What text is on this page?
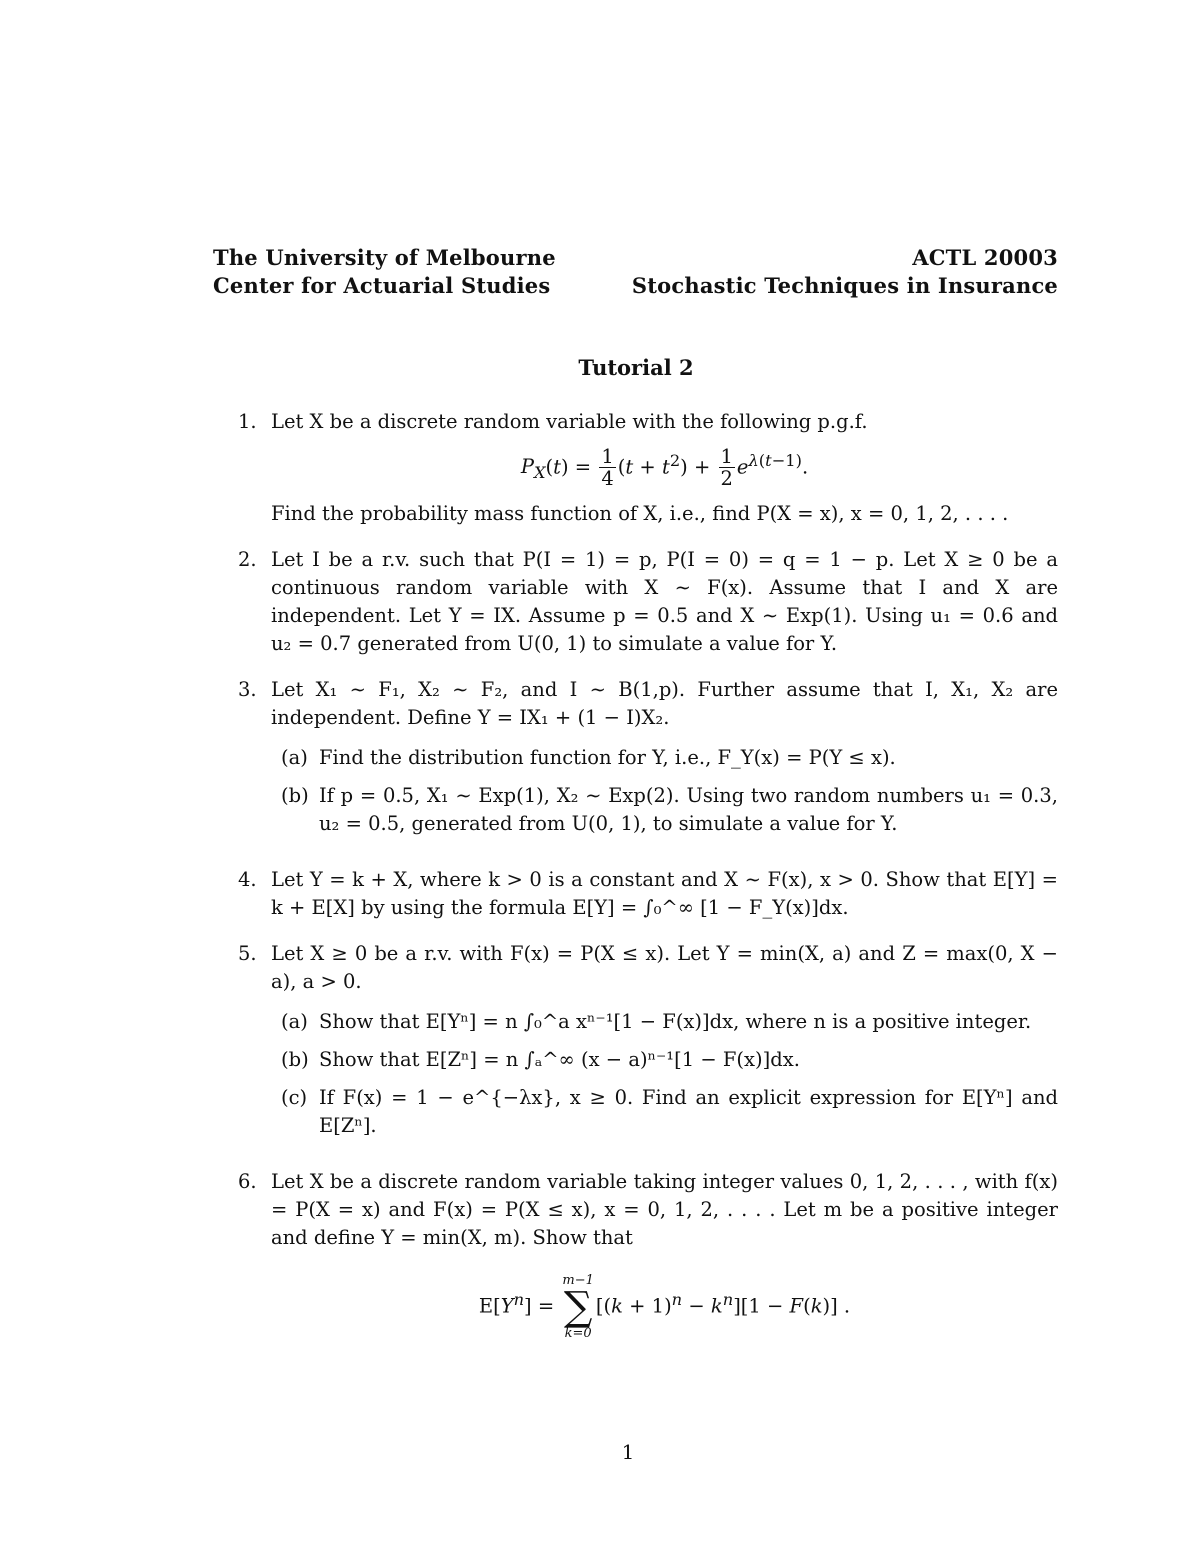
The University of Melbourne
Center for Actuarial Studies
ACTL 20003
Stochastic Techniques in Insurance
Tutorial 2
1. Let X be a discrete random variable with the following p.g.f.
$P_X(t) = \frac{1}{4} (t + t^2) + \frac{1}{2} e^{\lambda(t-1)}$.
Find the probability mass function of X, i.e., find P(X = x), x = 0, 1, 2, . . . .
2. Let I be a r.v. such that P(I = 1) = p, P(I = 0) = q = 1 − p. Let X ≥ 0 be a continuous random variable with X ∼ F(x). Assume that I and X are independent. Let Y = IX. Assume p = 0.5 and X ∼ Exp(1). Using u₁ = 0.6 and u₂ = 0.7 generated from U(0, 1) to simulate a value for Y.
3. Let X₁ ∼ F₁, X₂ ∼ F₂, and I ∼ B(1,p). Further assume that I, X₁, X₂ are independent. Define Y = IX₁ + (1 − I)X₂.
(a) Find the distribution function for Y, i.e., F_Y(x) = P(Y ≤ x).
(b) If p = 0.5, X₁ ∼ Exp(1), X₂ ∼ Exp(2). Using two random numbers u₁ = 0.3, u₂ = 0.5, generated from U(0, 1), to simulate a value for Y.
4. Let Y = k + X, where k > 0 is a constant and X ∼ F(x), x > 0. Show that E[Y] = k + E[X] by using the formula E[Y] = ∫₀^∞ [1 − F_Y(x)]dx.
5. Let X ≥ 0 be a r.v. with F(x) = P(X ≤ x). Let Y = min(X, a) and Z = max(0, X − a), a > 0.
(a) Show that E[Yⁿ] = n ∫₀^a xⁿ⁻¹[1 − F(x)]dx, where n is a positive integer.
(b) Show that E[Zⁿ] = n ∫ₐ^∞ (x − a)ⁿ⁻¹[1 − F(x)]dx.
(c) If F(x) = 1 − e^{−λx}, x ≥ 0. Find an explicit expression for E[Yⁿ] and E[Zⁿ].
6. Let X be a discrete random variable taking integer values 0, 1, 2, . . . , with f(x) = P(X = x) and F(x) = P(X ≤ x), x = 0, 1, 2, . . . . Let m be a positive integer and define Y = min(X, m). Show that
$E[Y^n]$ =
m−1
∑
k=0
$[(k + 1)^n - k^n][1 - F(k)]$ .
1
